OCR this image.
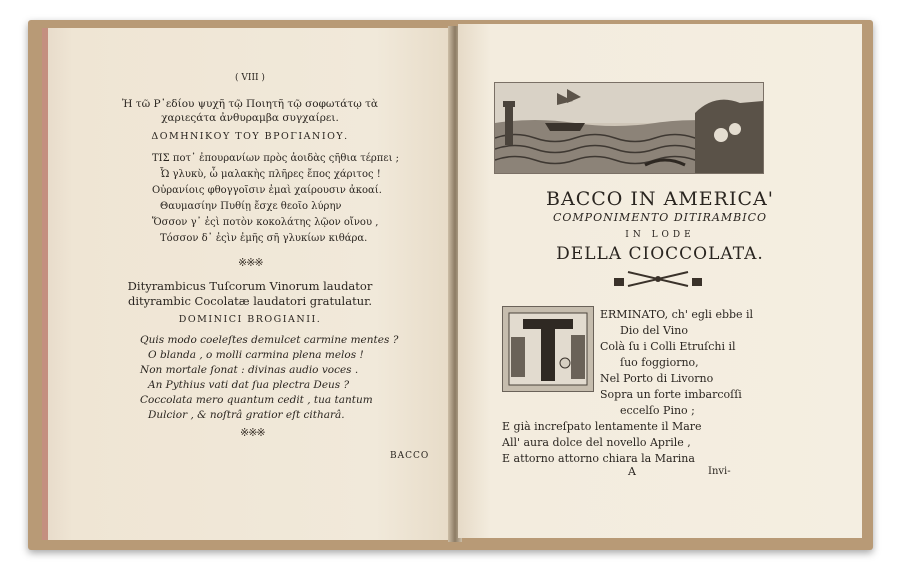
( VIII )
Ἠ τῶ Ρ᾽εδίου ψυχῆ τῷ Ποιητῆ τῷ σοφωτάτῳ τὰ
χαριεςάτα ἀνθυραμβα συγχαίρει.
ΔΟΜΗΝΙΚΟΥ ΤΟΥ ΒΡΟΓΙΑΝΙΟΥ.
ΤΙΣ ποτ᾽ ἐπουρανίων πρὸς ἀοιδὰς ςῆθια τέρπει ;
Ὦ γλυκὺ, ὦ μαλακὴς πλῆρες ἔπος χάριτος !
Οὐρανίοις φθογγοῖσιν ἐμαὶ χαίρουσιν ἀκοαί.
Θαυμασίην Πυθίῃ ἔσχε θεοῖο λύρην
Ὅσσον γ᾽ ἐςὶ ποτὸν κοκολάτης λῷον οἴνου ,
Τόσσον δ᾽ ἐςὶν ἐμῆς σῆ γλυκίων κιθάρα.
※※※
Dityrambicus Tuſcorum Vinorum laudator
dityrambic Cocolatæ laudatori gratulatur.
DOMINICI BROGIANII.
Quis modo coeleſtes demulcet carmine mentes ?
O blanda , o molli carmina plena melos !
Non mortale ſonat : divinas audio voces .
An Pythius vati dat ſua plectra Deus ?
Coccolata mero quantum cedit , tua tantum
Dulcior , & noſtrâ gratior eſt citharâ.
※※※
BACCO
BACCO IN AMERICA'
COMPONIMENTO DITIRAMBICO
IN LODE
DELLA CIOCCOLATA.
ERMINATO, ch' egli ebbe il
Dio del Vino
Colà ſu i Colli Etruſchi il
ſuo foggiorno,
Nel Porto di Livorno
Sopra un forte imbarcoſſi
eccelſo Pino ;
E già increſpato lentamente il Mare
All' aura dolce del novello Aprile ,
E attorno attorno chiara la Marina
A	Invi-
